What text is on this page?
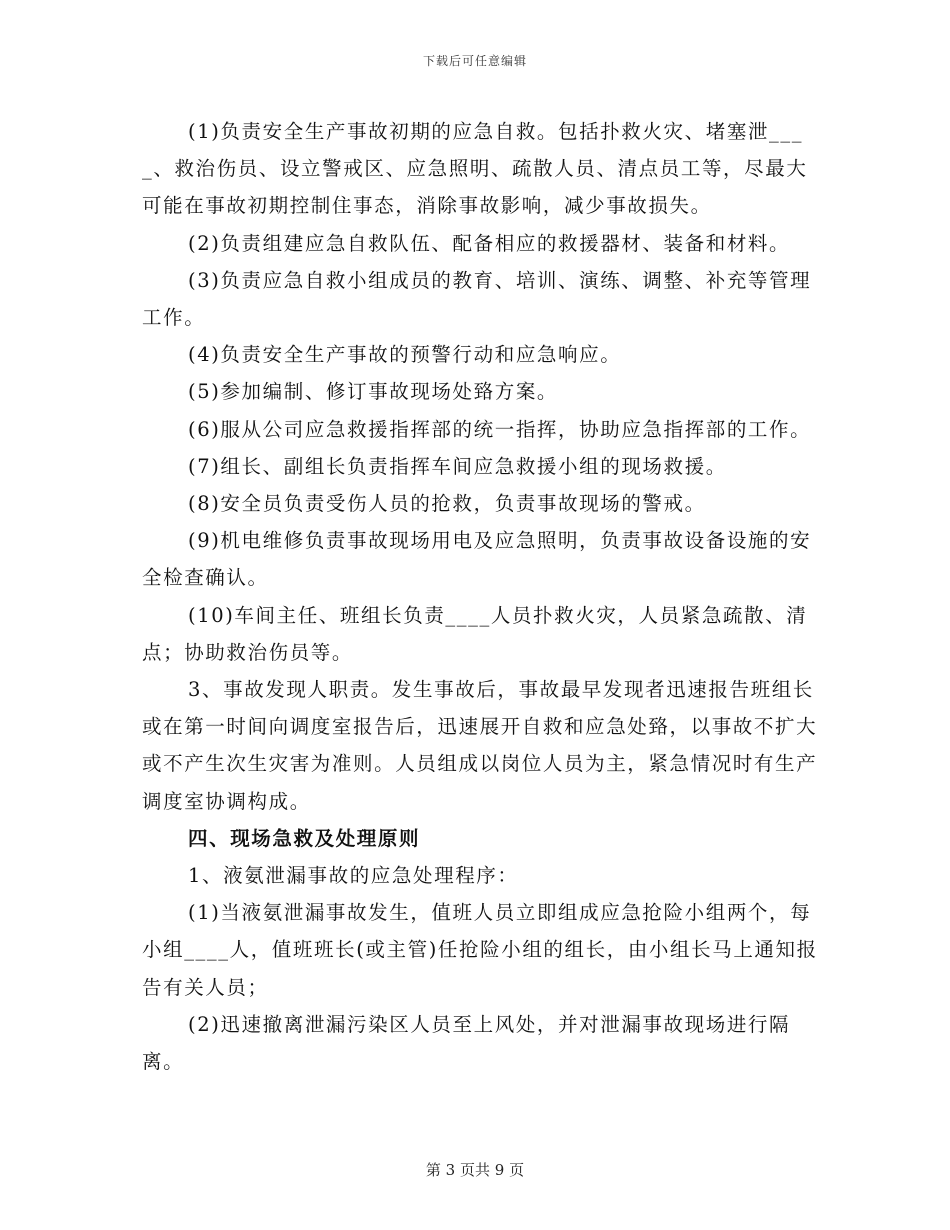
下载后可任意编辑

(1)负责安全生产事故初期的应急自救。包括扑救火灾、堵塞泄____、救治伤员、设立警戒区、应急照明、疏散人员、清点员工等，尽最大可能在事故初期控制住事态，消除事故影响，减少事故损失。

(2)负责组建应急自救队伍、配备相应的救援器材、装备和材料。

(3)负责应急自救小组成员的教育、培训、演练、调整、补充等管理工作。

(4)负责安全生产事故的预警行动和应急响应。

(5)参加编制、修订事故现场处臵方案。

(6)服从公司应急救援指挥部的统一指挥，协助应急指挥部的工作。

(7)组长、副组长负责指挥车间应急救援小组的现场救援。

(8)安全员负责受伤人员的抢救，负责事故现场的警戒。

(9)机电维修负责事故现场用电及应急照明，负责事故设备设施的安全检查确认。

(10)车间主任、班组长负责____人员扑救火灾，人员紧急疏散、清点；协助救治伤员等。

3、事故发现人职责。发生事故后，事故最早发现者迅速报告班组长或在第一时间向调度室报告后，迅速展开自救和应急处臵，以事故不扩大或不产生次生灾害为准则。人员组成以岗位人员为主，紧急情况时有生产调度室协调构成。

四、现场急救及处理原则

1、液氨泄漏事故的应急处理程序：

(1)当液氨泄漏事故发生，值班人员立即组成应急抢险小组两个，每小组____人，值班班长(或主管)任抢险小组的组长，由小组长马上通知报告有关人员；

(2)迅速撤离泄漏污染区人员至上风处，并对泄漏事故现场进行隔离。

第 3 页共 9 页
